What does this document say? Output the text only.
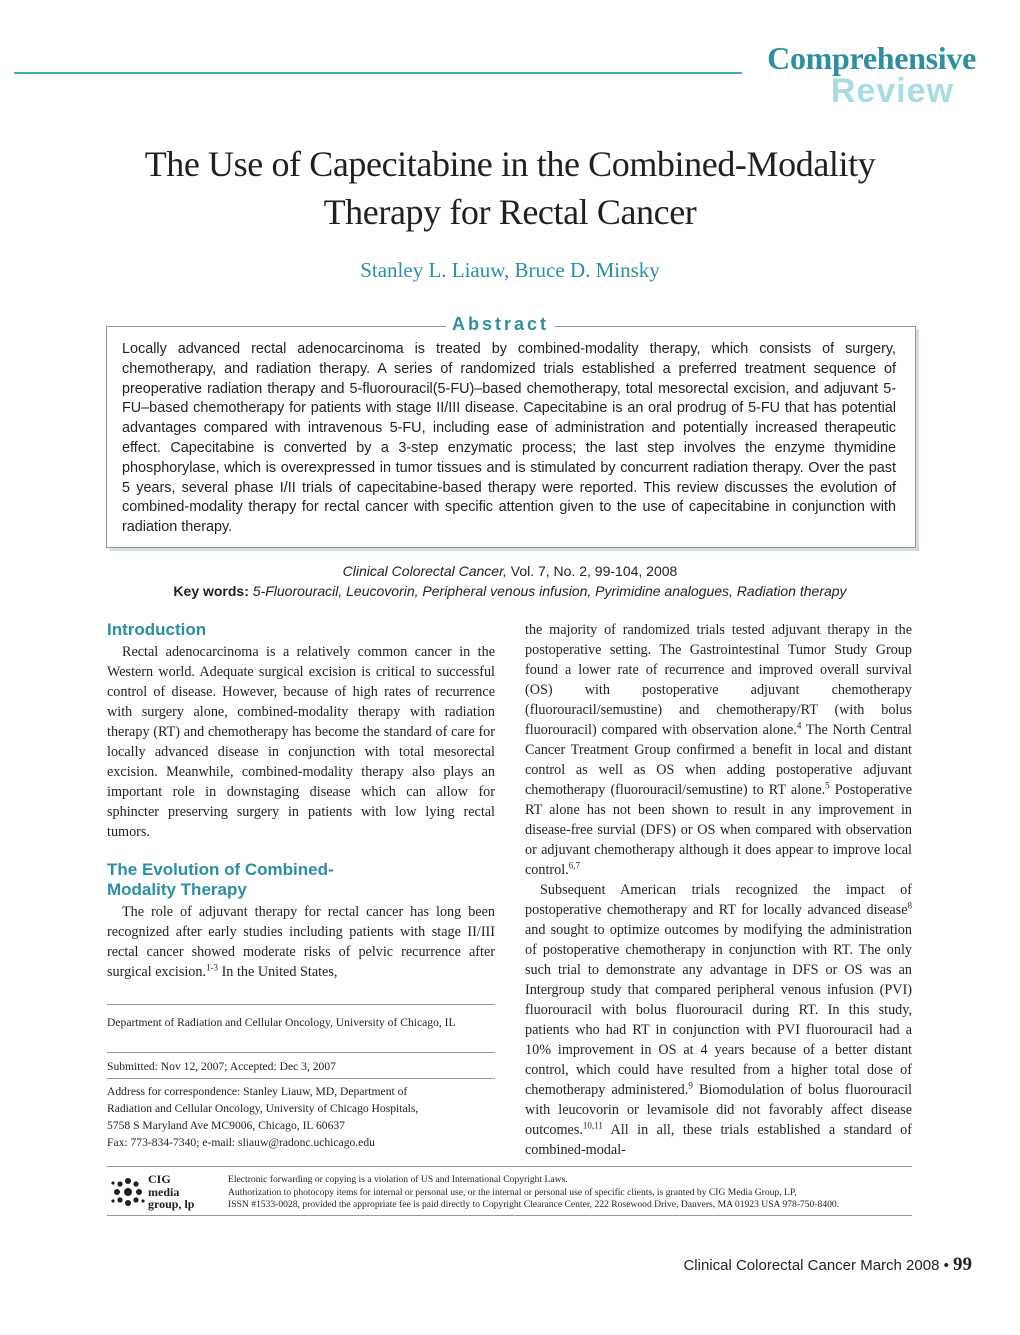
Comprehensive
Review
The Use of Capecitabine in the Combined-Modality
Therapy for Rectal Cancer
Stanley L. Liauw, Bruce D. Minsky
Abstract
Locally advanced rectal adenocarcinoma is treated by combined-modality therapy, which consists of surgery, chemotherapy, and radiation therapy. A series of randomized trials established a preferred treatment sequence of preoperative radiation therapy and 5-fluorouracil(5-FU)–based chemotherapy, total mesorectal excision, and adjuvant 5-FU–based chemotherapy for patients with stage II/III disease. Capecitabine is an oral prodrug of 5-FU that has potential advantages compared with intravenous 5-FU, including ease of administration and potentially increased therapeutic effect. Capecitabine is converted by a 3-step enzymatic process; the last step involves the enzyme thymidine phosphorylase, which is overexpressed in tumor tissues and is stimulated by concurrent radiation therapy. Over the past 5 years, several phase I/II trials of capecitabine-based therapy were reported. This review discusses the evolution of combined-modality therapy for rectal cancer with specific attention given to the use of capecitabine in conjunction with radiation therapy.
Clinical Colorectal Cancer, Vol. 7, No. 2, 99-104, 2008
Key words: 5-Fluorouracil, Leucovorin, Peripheral venous infusion, Pyrimidine analogues, Radiation therapy
Introduction
Rectal adenocarcinoma is a relatively common cancer in the Western world. Adequate surgical excision is critical to successful control of disease. However, because of high rates of recurrence with surgery alone, combined-modality therapy with radiation therapy (RT) and chemotherapy has become the standard of care for locally advanced disease in conjunction with total mesorectal excision. Meanwhile, combined-modality therapy also plays an important role in downstaging disease which can allow for sphincter preserving surgery in patients with low lying rectal tumors.
The Evolution of Combined-
Modality Therapy
The role of adjuvant therapy for rectal cancer has long been recognized after early studies including patients with stage II/III rectal cancer showed moderate risks of pelvic recurrence after surgical excision.$^{1-3}$ In the United States,
Department of Radiation and Cellular Oncology, University of Chicago, IL
Submitted: Nov 12, 2007; Accepted: Dec 3, 2007
Address for correspondence: Stanley Liauw, MD, Department of
Radiation and Cellular Oncology, University of Chicago Hospitals,
5758 S Maryland Ave MC9006, Chicago, IL 60637
Fax: 773-834-7340; e-mail: sliauw@radonc.uchicago.edu
the majority of randomized trials tested adjuvant therapy in the postoperative setting. The Gastrointestinal Tumor Study Group found a lower rate of recurrence and improved overall survival (OS) with postoperative adjuvant chemotherapy (fluorouracil/semustine) and chemotherapy/RT (with bolus fluorouracil) compared with observation alone.$^4$ The North Central Cancer Treatment Group confirmed a benefit in local and distant control as well as OS when adding postoperative adjuvant chemotherapy (fluorouracil/semustine) to RT alone.$^5$ Postoperative RT alone has not been shown to result in any improvement in disease-free survial (DFS) or OS when compared with observation or adjuvant chemotherapy although it does appear to improve local control.$^{6,7}$
Subsequent American trials recognized the impact of postoperative chemotherapy and RT for locally advanced disease$^8$ and sought to optimize outcomes by modifying the administration of postoperative chemotherapy in conjunction with RT. The only such trial to demonstrate any advantage in DFS or OS was an Intergroup study that compared peripheral venous infusion (PVI) fluorouracil with bolus fluorouracil during RT. In this study, patients who had RT in conjunction with PVI fluorouracil had a 10% improvement in OS at 4 years because of a better distant control, which could have resulted from a higher total dose of chemotherapy administered.$^9$ Biomodulation of bolus fluorouracil with leucovorin or levamisole did not favorably affect disease outcomes.$^{10,11}$ All in all, these trials established a standard of combined-modal-
CIG
media
group, lp
Electronic forwarding or copying is a violation of US and International Copyright Laws.
Authorization to photocopy items for internal or personal use, or the internal or personal use of specific clients, is granted by CIG Media Group, LP,
ISSN #1533-0028, provided the appropriate fee is paid directly to Copyright Clearance Center, 222 Rosewood Drive, Danvers, MA 01923 USA 978-750-8400.
Clinical Colorectal Cancer March 2008 • 99
